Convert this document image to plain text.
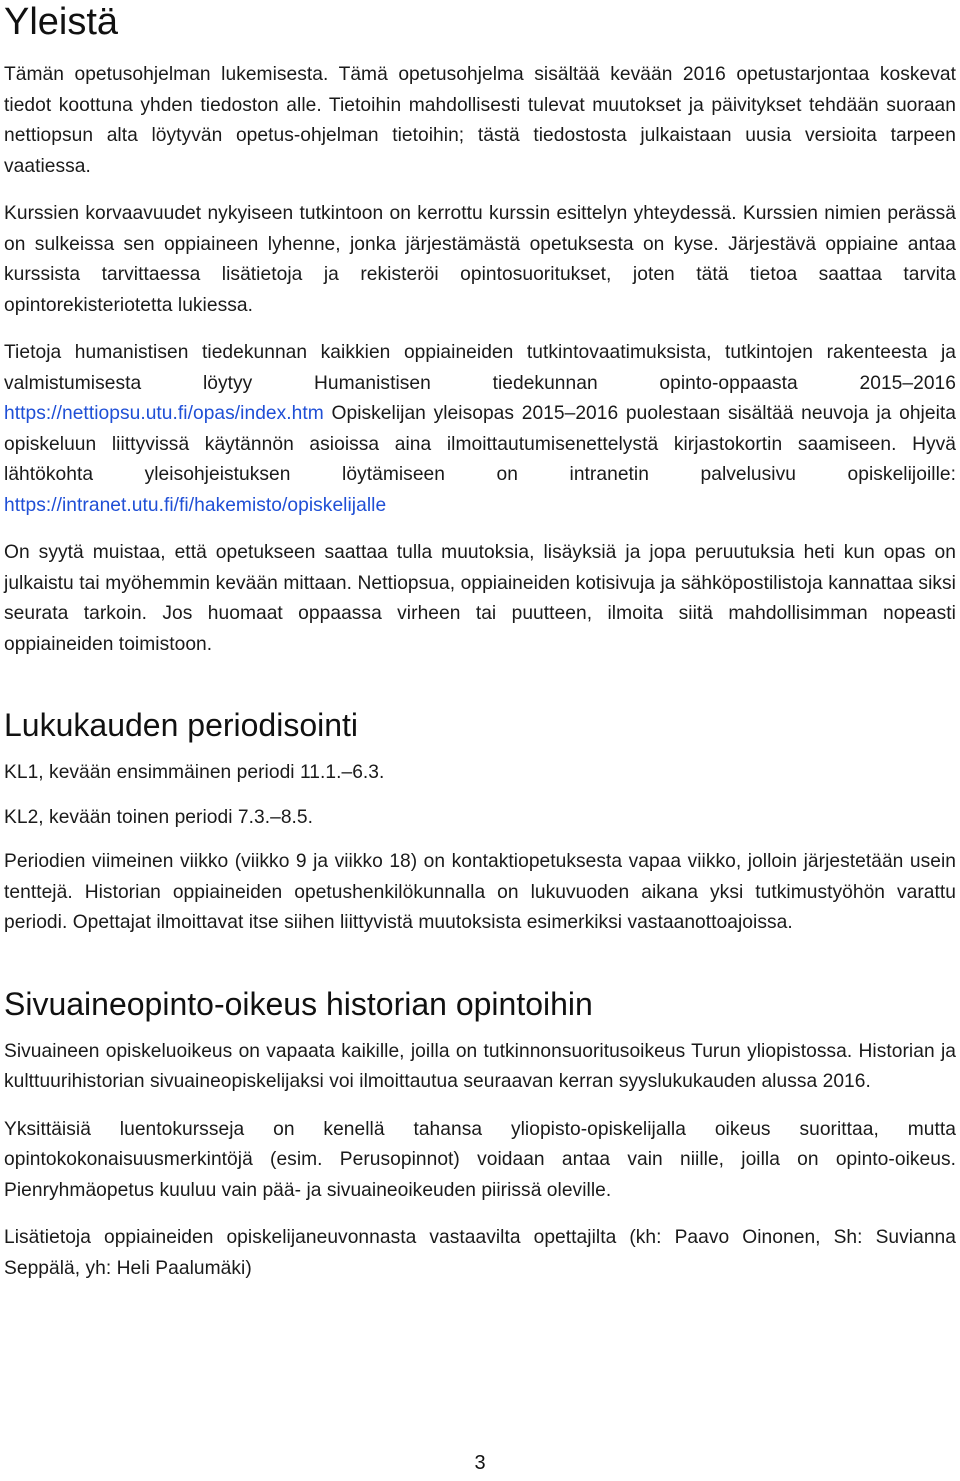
Yleistä

Tämän opetusohjelman lukemisesta. Tämä opetusohjelma sisältää kevään 2016 opetustarjontaa koskevat tiedot koottuna yhden tiedoston alle. Tietoihin mahdollisesti tulevat muutokset ja päivitykset tehdään suoraan nettiopsun alta löytyvän opetus-ohjelman tietoihin; tästä tiedostosta julkaistaan uusia versioita tarpeen vaatiessa.

Kurssien korvaavuudet nykyiseen tutkintoon on kerrottu kurssin esittelyn yhteydessä. Kurssien nimien perässä on sulkeissa sen oppiaineen lyhenne, jonka järjestämästä opetuksesta on kyse. Järjestävä oppiaine antaa kurssista tarvittaessa lisätietoja ja rekisteröi opintosuoritukset, joten tätä tietoa saattaa tarvita opintorekisteriotetta lukiessa.

Tietoja humanistisen tiedekunnan kaikkien oppiaineiden tutkintovaatimuksista, tutkintojen rakenteesta ja valmistumisesta löytyy Humanistisen tiedekunnan opinto-oppaasta 2015–2016 https://nettiopsu.utu.fi/opas/index.htm Opiskelijan yleisopas 2015–2016 puolestaan sisältää neuvoja ja ohjeita opiskeluun liittyvissä käytännön asioissa aina ilmoittautumisenettelystä kirjastokortin saamiseen. Hyvä lähtökohta yleisohjeistuksen löytämiseen on intranetin palvelusivu opiskelijoille: https://intranet.utu.fi/fi/hakemisto/opiskelijalle

On syytä muistaa, että opetukseen saattaa tulla muutoksia, lisäyksiä ja jopa peruutuksia heti kun opas on julkaistu tai myöhemmin kevään mittaan. Nettiopsua, oppiaineiden kotisivuja ja sähköpostilistoja kannattaa siksi seurata tarkoin. Jos huomaat oppaassa virheen tai puutteen, ilmoita siitä mahdollisimman nopeasti oppiaineiden toimistoon.

Lukukauden periodisointi

KL1, kevään ensimmäinen periodi 11.1.–6.3.

KL2, kevään toinen periodi 7.3.–8.5.

Periodien viimeinen viikko (viikko 9 ja viikko 18) on kontaktiopetuksesta vapaa viikko, jolloin järjestetään usein tenttejä. Historian oppiaineiden opetushenkilökunnalla on lukuvuoden aikana yksi tutkimustyöhön varattu periodi. Opettajat ilmoittavat itse siihen liittyvistä muutoksista esimerkiksi vastaanottoajoissa.

Sivuaineopinto-oikeus historian opintoihin

Sivuaineen opiskeluoikeus on vapaata kaikille, joilla on tutkinnonsuoritusoikeus Turun yliopistossa. Historian ja kulttuurihistorian sivuaineopiskelijaksi voi ilmoittautua seuraavan kerran syyslukukauden alussa 2016.

Yksittäisiä luentokursseja on kenellä tahansa yliopisto-opiskelijalla oikeus suorittaa, mutta opintokokonaisuusmerkintöjä (esim. Perusopinnot) voidaan antaa vain niille, joilla on opinto-oikeus. Pienryhmäopetus kuuluu vain pää- ja sivuaineoikeuden piirissä oleville.

Lisätietoja oppiaineiden opiskelijaneuvonnasta vastaavilta opettajilta (kh: Paavo Oinonen, Sh: Suvianna Seppälä, yh: Heli Paalumäki)

3
